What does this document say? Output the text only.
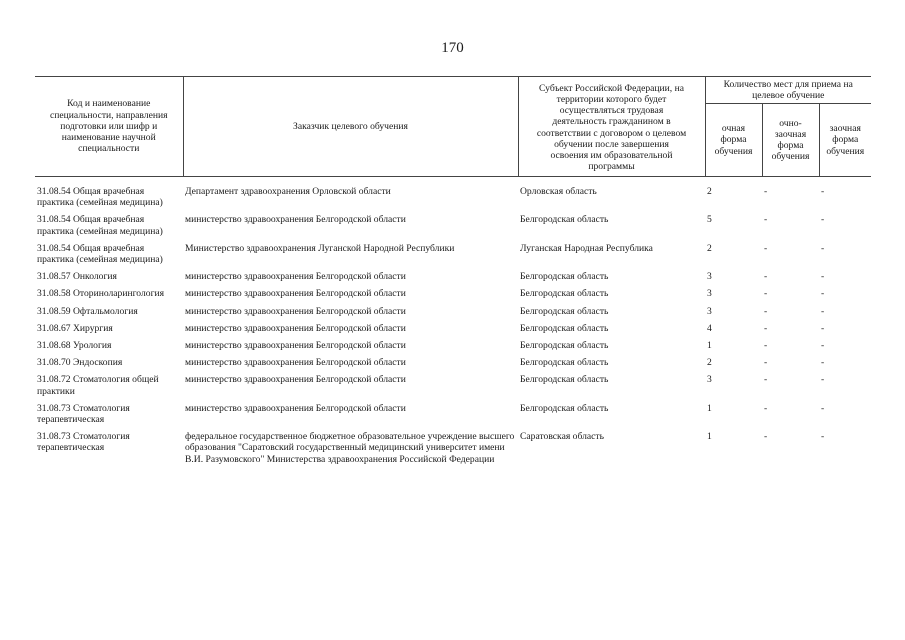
170
Код и наименование специальности, направления подготовки или шифр и наименование научной специальности	Заказчик целевого обучения	Субъект Российской Федерации, на территории которого будет осуществляться трудовая деятельность гражданином в соответствии с договором о целевом обучении после завершения освоения им образовательной программы	Количество мест для приема на целевое обучение		
			очная форма обучения	очно-заочная форма обучения	заочная форма обучения

31.08.54 Общая врачебная практика (семейная медицина)	Департамент здравоохранения Орловской области	Орловская область	2	-	-
31.08.54 Общая врачебная практика (семейная медицина)	министерство здравоохранения Белгородской области	Белгородская область	5	-	-
31.08.54 Общая врачебная практика (семейная медицина)	Министерство здравоохранения Луганской Народной Республики	Луганская Народная Республика	2	-	-
31.08.57 Онкология	министерство здравоохранения Белгородской области	Белгородская область	3	-	-
31.08.58 Оториноларингология	министерство здравоохранения Белгородской области	Белгородская область	3	-	-
31.08.59 Офтальмология	министерство здравоохранения Белгородской области	Белгородская область	3	-	-
31.08.67 Хирургия	министерство здравоохранения Белгородской области	Белгородская область	4	-	-
31.08.68 Урология	министерство здравоохранения Белгородской области	Белгородская область	1	-	-
31.08.70 Эндоскопия	министерство здравоохранения Белгородской области	Белгородская область	2	-	-
31.08.72 Стоматология общей практики	министерство здравоохранения Белгородской области	Белгородская область	3	-	-
31.08.73 Стоматология терапевтическая	министерство здравоохранения Белгородской области	Белгородская область	1	-	-
31.08.73 Стоматология терапевтическая	федеральное государственное бюджетное образовательное учреждение высшего образования "Саратовский государственный медицинский университет имени В.И. Разумовского" Министерства здравоохранения Российской Федерации	Саратовская область	1	-	-
